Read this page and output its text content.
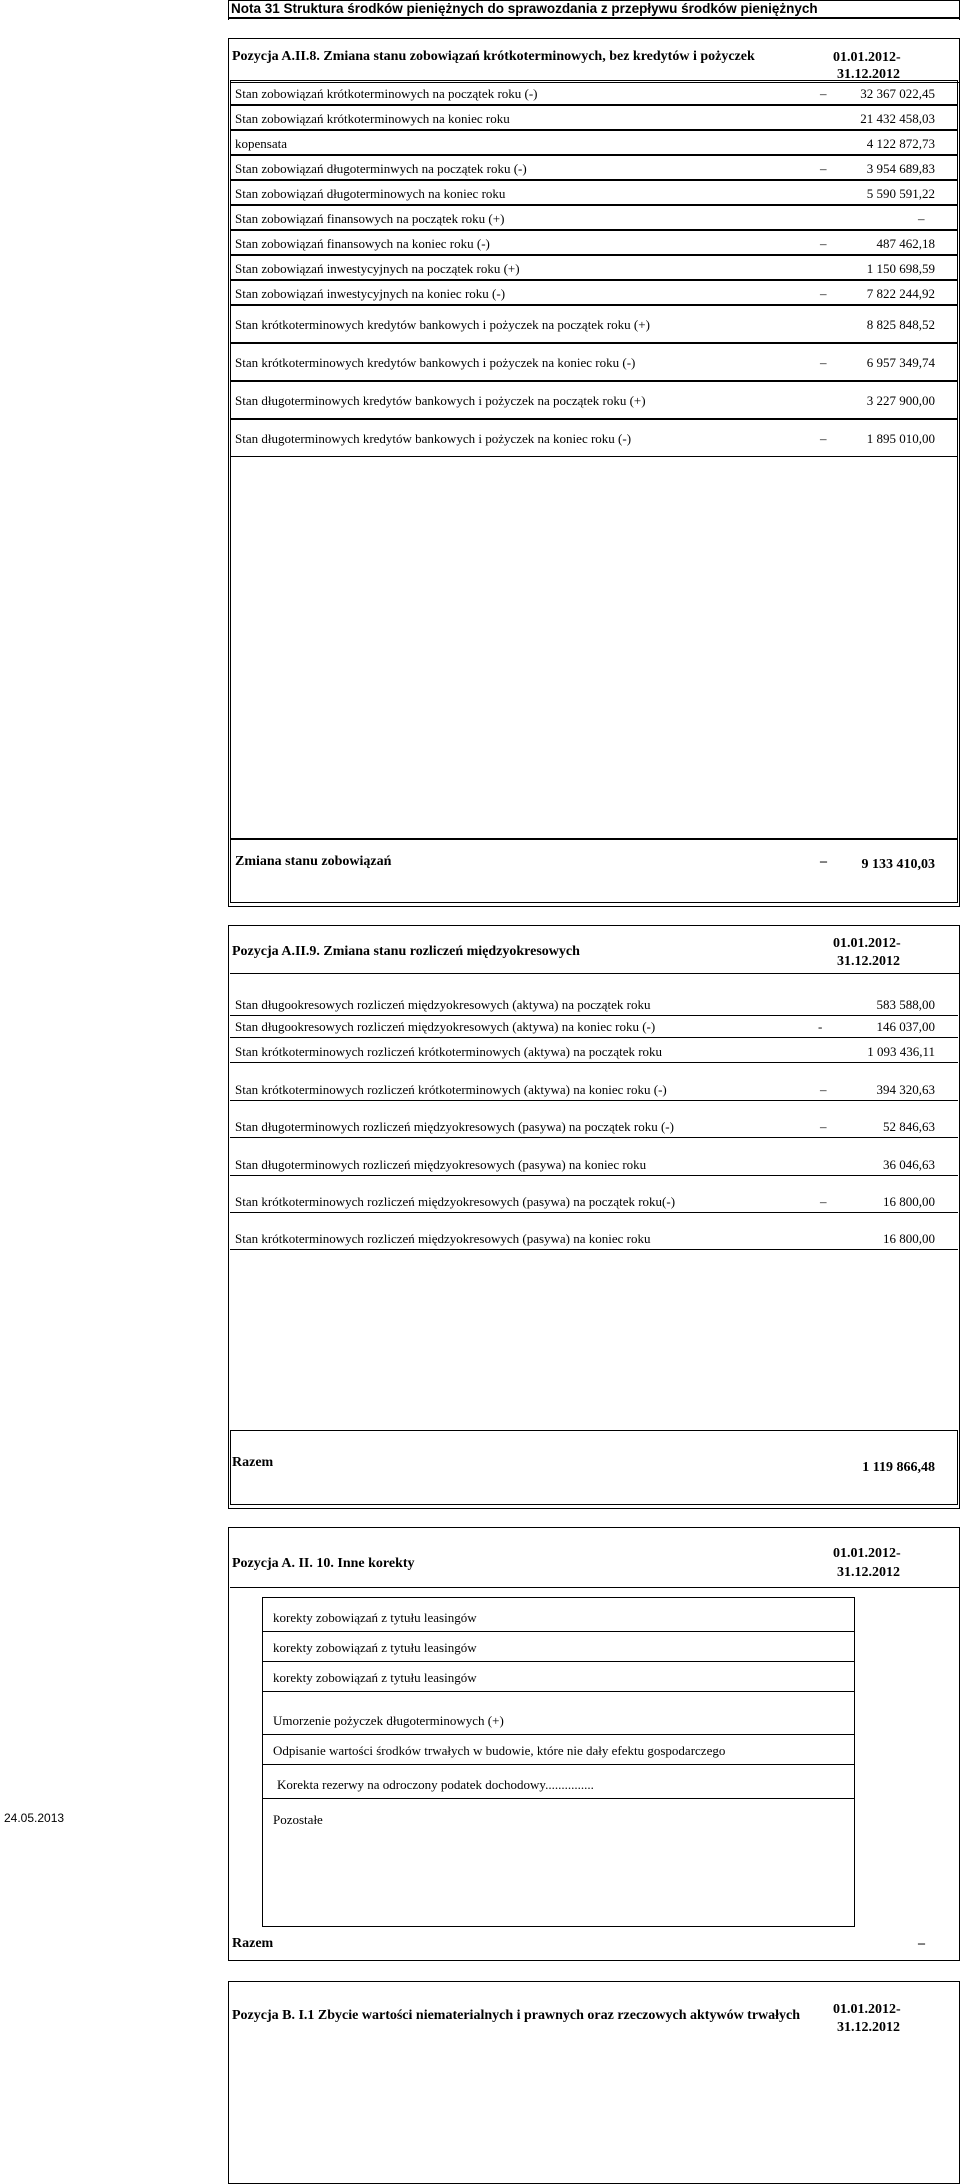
Nota 31 Struktura środków pieniężnych do sprawozdania z przepływu środków pieniężnych
Pozycja A.II.8. Zmiana stanu zobowiązań krótkoterminowych, bez kredytów i pożyczek	01.01.2012-
31.12.2012
Stan zobowiązań krótkoterminowych na początek roku (-)	–	32 367 022,45
Stan zobowiązań krótkoterminowych na koniec roku	21 432 458,03
kopensata	4 122 872,73
Stan zobowiązań długoterminwych na początek roku (-)	–	3 954 689,83
Stan zobowiązań długoterminowych na koniec roku	5 590 591,22
Stan zobowiązań finansowych na początek roku (+)	–
Stan zobowiązań finansowych na koniec roku (-)	–	487 462,18
Stan zobowiązań inwestycyjnych na początek roku (+)	1 150 698,59
Stan zobowiązań inwestycyjnych na koniec roku (-)	–	7 822 244,92
Stan krótkoterminowych kredytów bankowych i pożyczek na początek roku (+)	8 825 848,52
Stan krótkoterminowych kredytów bankowych i pożyczek na koniec roku (-)	–	6 957 349,74
Stan długoterminowych kredytów bankowych i pożyczek na początek roku (+)	3 227 900,00
Stan długoterminowych kredytów bankowych i pożyczek na koniec roku (-)	–	1 895 010,00
Zmiana stanu zobowiązań	–	9 133 410,03
Pozycja A.II.9. Zmiana stanu rozliczeń międzyokresowych
01.01.2012-
31.12.2012
Stan długookresowych rozliczeń międzyokresowych (aktywa) na początek roku	583 588,00
Stan długookresowych rozliczeń międzyokresowych (aktywa) na koniec roku (-)	-	146 037,00
Stan krótkoterminowych rozliczeń krótkoterminowych (aktywa) na początek roku	1 093 436,11
Stan krótkoterminowych rozliczeń krótkoterminowych (aktywa) na koniec roku (-)	–	394 320,63
Stan długoterminowych rozliczeń międzyokresowych (pasywa) na początek roku (-)	–	52 846,63
Stan długoterminowych rozliczeń międzyokresowych (pasywa) na koniec roku	36 046,63
Stan krótkoterminowych rozliczeń międzyokresowych (pasywa) na początek roku(-)	–	16 800,00
Stan krótkoterminowych rozliczeń międzyokresowych (pasywa) na koniec roku	16 800,00
Razem	1 119 866,48
Pozycja A. II. 10. Inne korekty
01.01.2012-
31.12.2012
korekty zobowiązań z tytułu leasingów
korekty zobowiązań z tytułu leasingów
korekty zobowiązań z tytułu leasingów
Umorzenie pożyczek długoterminowych (+)
Odpisanie wartości środków trwałych w budowie, które nie dały efektu gospodarczego
Korekta rezerwy na odroczony podatek dochodowy...............
Pozostałe
Razem	–
Pozycja B. I.1 Zbycie wartości niematerialnych i prawnych oraz rzeczowych aktywów trwałych 01.01.2012-
31.12.2012
24.05.2013
